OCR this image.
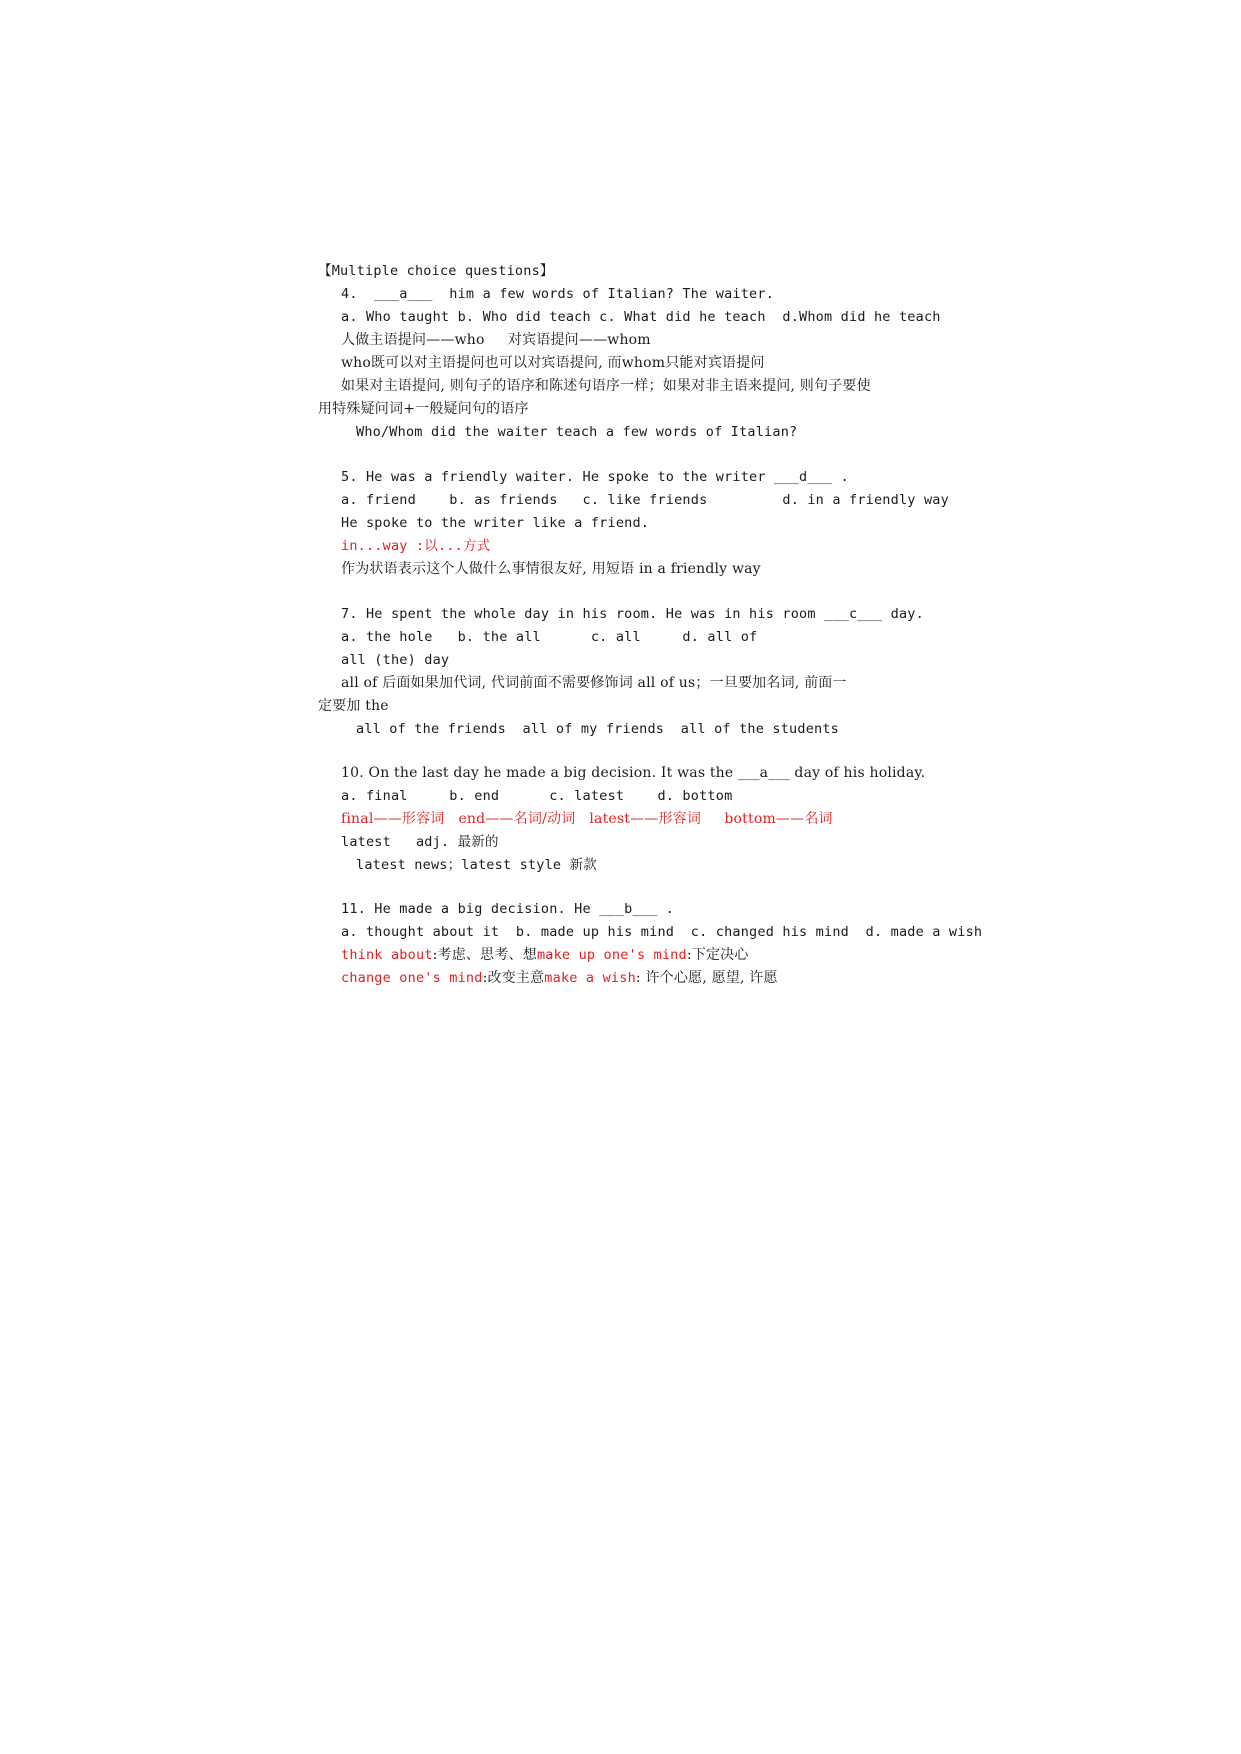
【Multiple choice questions】
4.  ___a___  him a few words of Italian? The waiter.
a. Who taught b. Who did teach c. What did he teach  d.Whom did he teach
人做主语提问——who     对宾语提问——whom
who既可以对主语提问也可以对宾语提问, 而whom只能对宾语提问
如果对主语提问, 则句子的语序和陈述句语序一样；如果对非主语来提问, 则句子要使
用特殊疑问词+一般疑问句的语序
Who/Whom did the waiter teach a few words of Italian?
5. He was a friendly waiter. He spoke to the writer ___d___ .
a. friend    b. as friends   c. like friends         d. in a friendly way
He spoke to the writer like a friend.
in...way :以...方式
作为状语表示这个人做什么事情很友好, 用短语 in a friendly way
7. He spent the whole day in his room. He was in his room ___c___ day.
a. the hole   b. the all      c. all     d. all of
all (the) day
all of 后面如果加代词, 代词前面不需要修饰词 all of us；一旦要加名词, 前面一
定要加 the
all of the friends  all of my friends  all of the students
10. On the last day he made a big decision. It was the ___a___ day of his holiday.
a. final     b. end      c. latest    d. bottom
final——形容词   end——名词/动词   latest——形容词     bottom——名词
latest   adj. 最新的
latest news；latest style 新款
11. He made a big decision. He ___b___ .
a. thought about it  b. made up his mind  c. changed his mind  d. made a wish
think about:考虑、思考、想make up one's mind:下定决心
change one's mind:改变主意make a wish: 许个心愿, 愿望, 许愿
